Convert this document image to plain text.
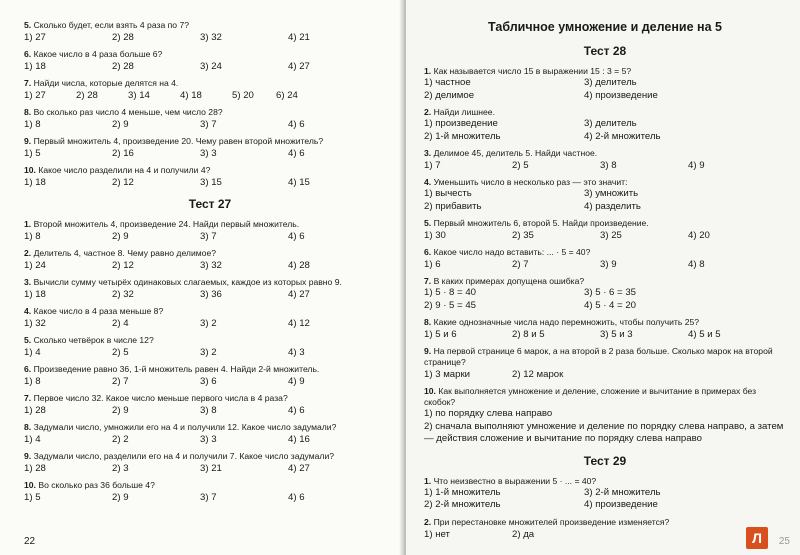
5. Сколько будет, если взять 4 раза по 7?
1) 27	2) 28	3) 32	4) 21
6. Какое число в 4 раза больше 6?
1) 18	2) 28	3) 24	4) 27
7. Найди числа, которые делятся на 4.
1) 27	2) 28	3) 14	4) 18	5) 20	6) 24
8. Во сколько раз число 4 меньше, чем число 28?
1) 8	2) 9	3) 7	4) 6
9. Первый множитель 4, произведение 20. Чему равен второй множитель?
1) 5	2) 16	3) 3	4) 6
10. Какое число разделили на 4 и получили 4?
1) 18	2) 12	3) 15	4) 15
Тест 27
1. Второй множитель 4, произведение 24. Найди первый множитель.
1) 8	2) 9	3) 7	4) 6
2. Делитель 4, частное 8. Чему равно делимое?
1) 24	2) 12	3) 32	4) 28
3. Вычисли сумму четырёх одинаковых слагаемых, каждое из которых равно 9.
1) 18	2) 32	3) 36	4) 27
4. Какое число в 4 раза меньше 8?
1) 32	2) 4	3) 2	4) 12
5. Сколько четвёрок в числе 12?
1) 4	2) 5	3) 2	4) 3
6. Произведение равно 36, 1-й множитель равен 4. Найди 2-й множитель.
1) 8	2) 7	3) 6	4) 9
7. Первое число 32. Какое число меньше первого числа в 4 раза?
1) 28	2) 9	3) 8	4) 6
8. Задумали число, умножили его на 4 и получили 12. Какое число задумали?
1) 4	2) 2	3) 3	4) 16
9. Задумали число, разделили его на 4 и получили 7. Какое число задумали?
1) 28	2) 3	3) 21	4) 27
10. Во сколько раз 36 больше 4?
1) 5	2) 9	3) 7	4) 6
22
Табличное умножение и деление на 5
Тест 28
1. Как называется число 15 в выражении 15 : 3 = 5?
1) частное	3) делитель
2) делимое	4) произведение
2. Найди лишнее.
1) произведение	3) делитель
2) 1-й множитель	4) 2-й множитель
3. Делимое 45, делитель 5. Найди частное.
1) 7	2) 5	3) 8	4) 9
4. Уменьшить число в несколько раз — это значит:
1) вычесть	3) умножить
2) прибавить	4) разделить
5. Первый множитель 6, второй 5. Найди произведение.
1) 30	2) 35	3) 25	4) 20
6. Какое число надо вставить: ... · 5 = 40?
1) 6	2) 7	3) 9	4) 8
7. В каких примерах допущена ошибка?
1) 5 · 8 = 40	3) 5 · 6 = 35
2) 9 · 5 = 45	4) 5 · 4 = 20
8. Какие однозначные числа надо перемножить, чтобы получить 25?
1) 5 и 6	2) 8 и 5	3) 5 и 3	4) 5 и 5
9. На первой странице 6 марок, а на второй в 2 раза больше. Сколько марок на второй странице?
1) 3 марки	2) 12 марок
10. Как выполняется умножение и деление, сложение и вычитание в примерах без скобок?
1) по порядку слева направо
2) сначала выполняют умножение и деление по порядку слева направо, а затем — действия сложение и вычитание по порядку слева направо
Тест 29
1. Что неизвестно в выражении 5 · ... = 40?
1) 1-й множитель	3) 2-й множитель
2) 2-й множитель	4) произведение
2. При перестановке множителей произведение изменяется?
1) нет	2) да	Л	25
